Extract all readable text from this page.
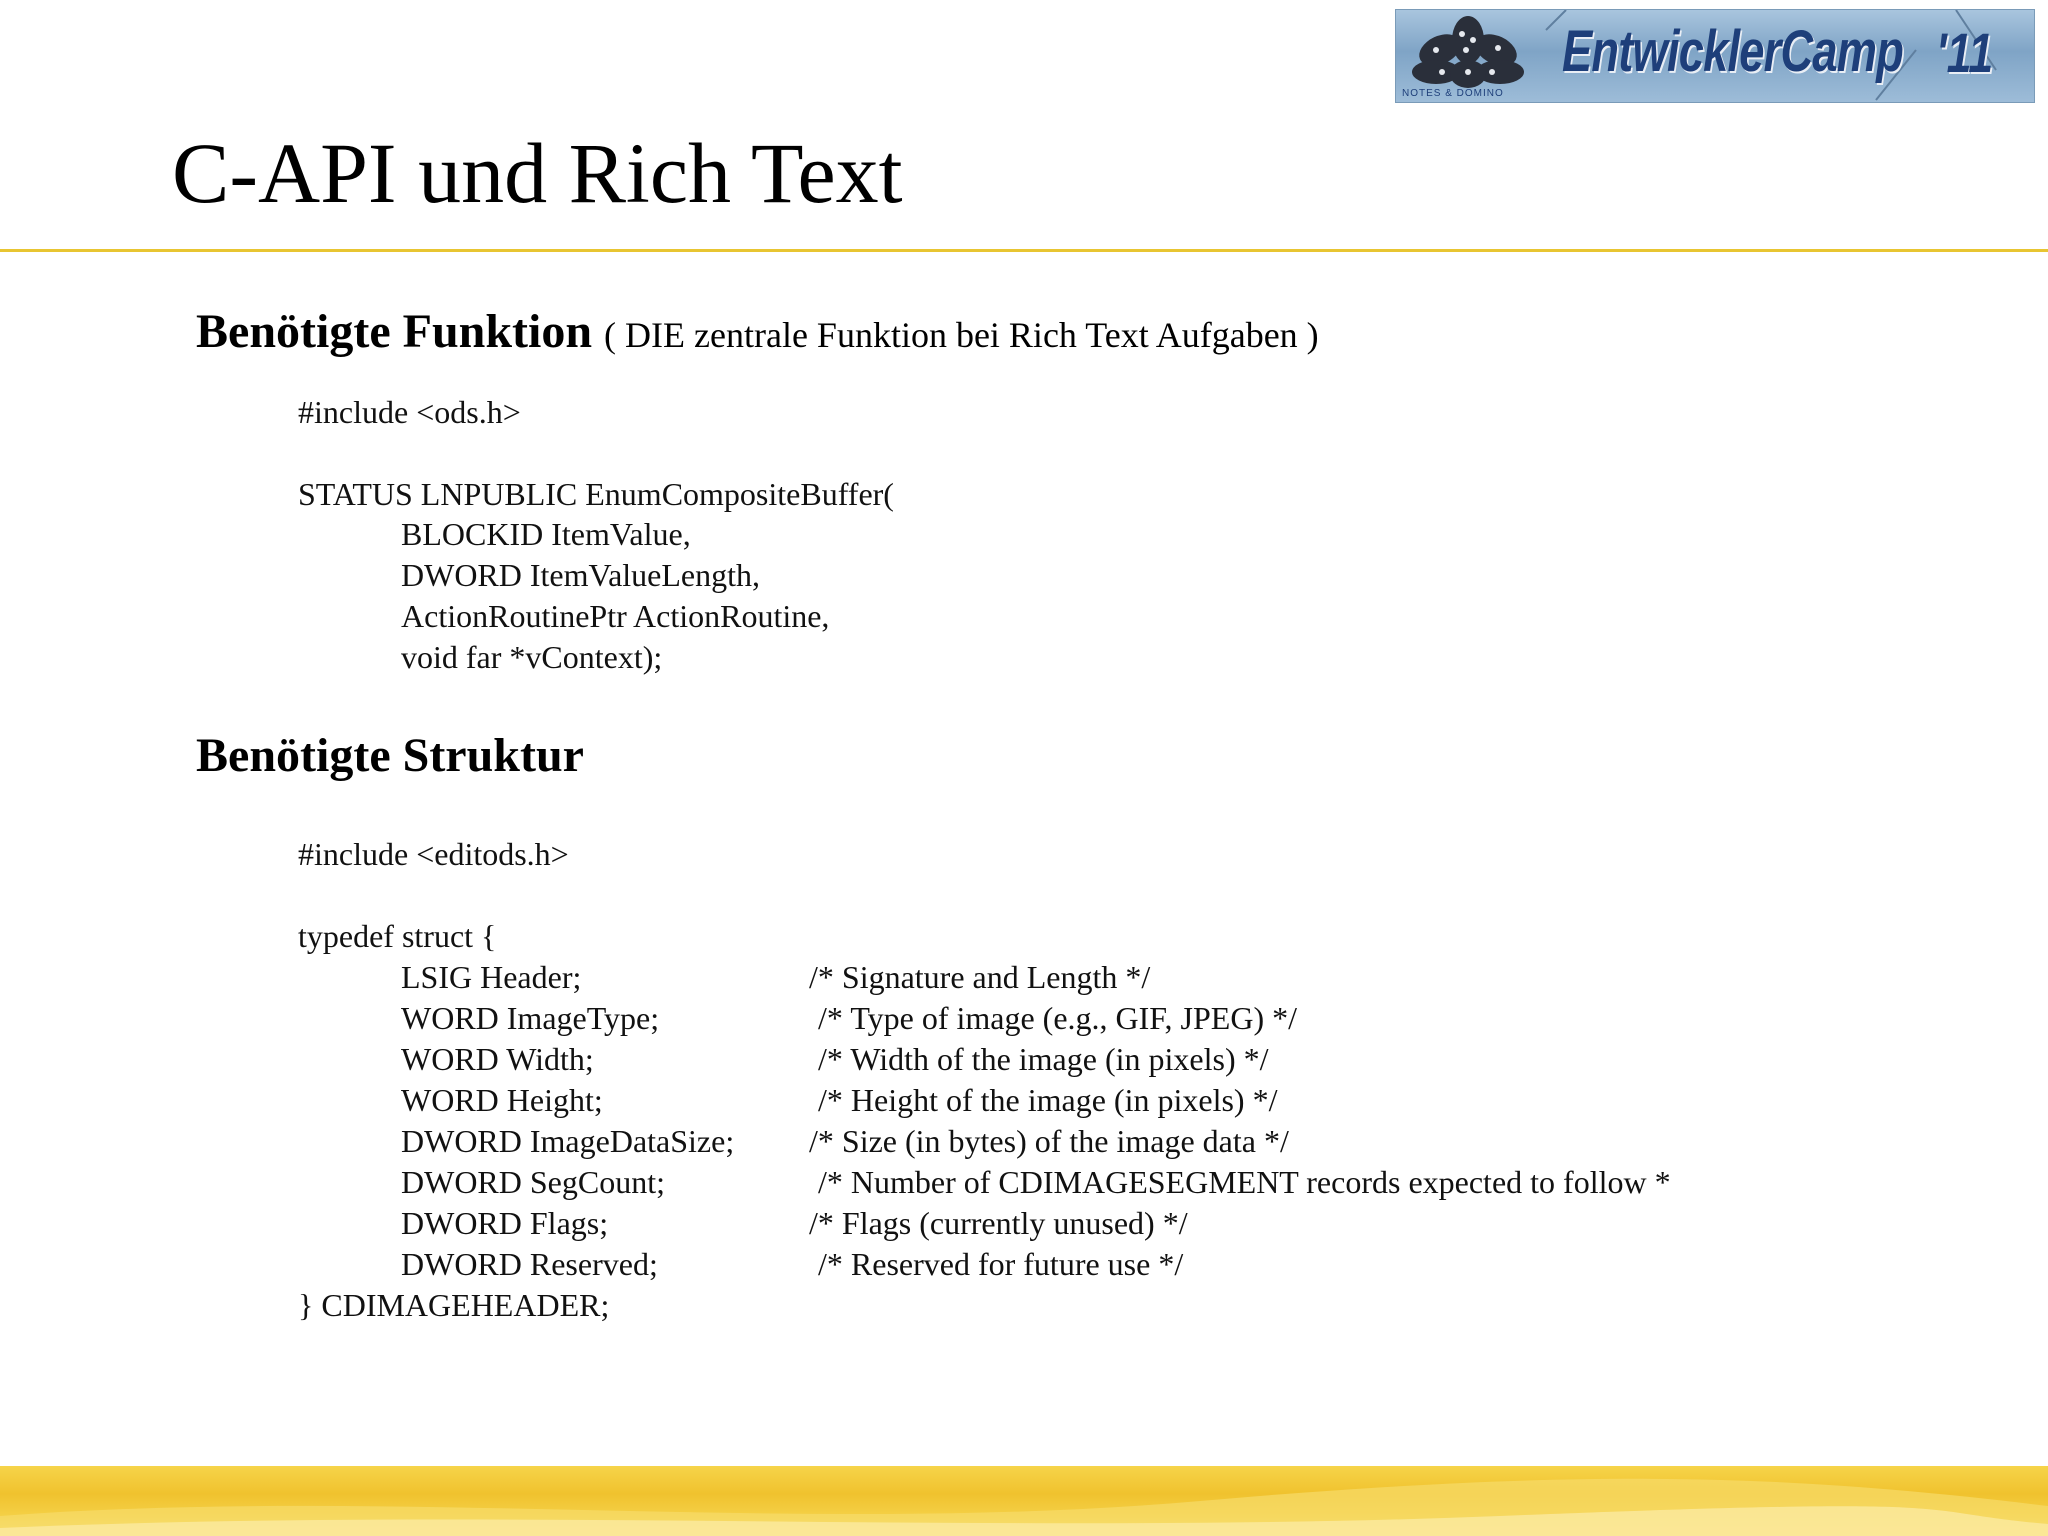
EntwicklerCamp '11
NOTES & DOMINO
C-API und Rich Text
Benötigte Funktion ( DIE zentrale Funktion bei Rich Text Aufgaben )
#include <ods.h>
STATUS LNPUBLIC EnumCompositeBuffer(
BLOCKID ItemValue,
DWORD ItemValueLength,
ActionRoutinePtr ActionRoutine,
void far *vContext);
Benötigte Struktur
#include <editods.h>
typedef struct {
LSIG Header;	/* Signature and Length */
WORD ImageType;	/* Type of image (e.g., GIF, JPEG) */
WORD Width;	/* Width of the image (in pixels) */
WORD Height;	/* Height of the image (in pixels) */
DWORD ImageDataSize; /* Size (in bytes) of the image data */
DWORD SegCount;	/* Number of CDIMAGESEGMENT records expected to follow *
DWORD Flags;	/* Flags (currently unused) */
DWORD Reserved;	/* Reserved for future use */
} CDIMAGEHEADER;
